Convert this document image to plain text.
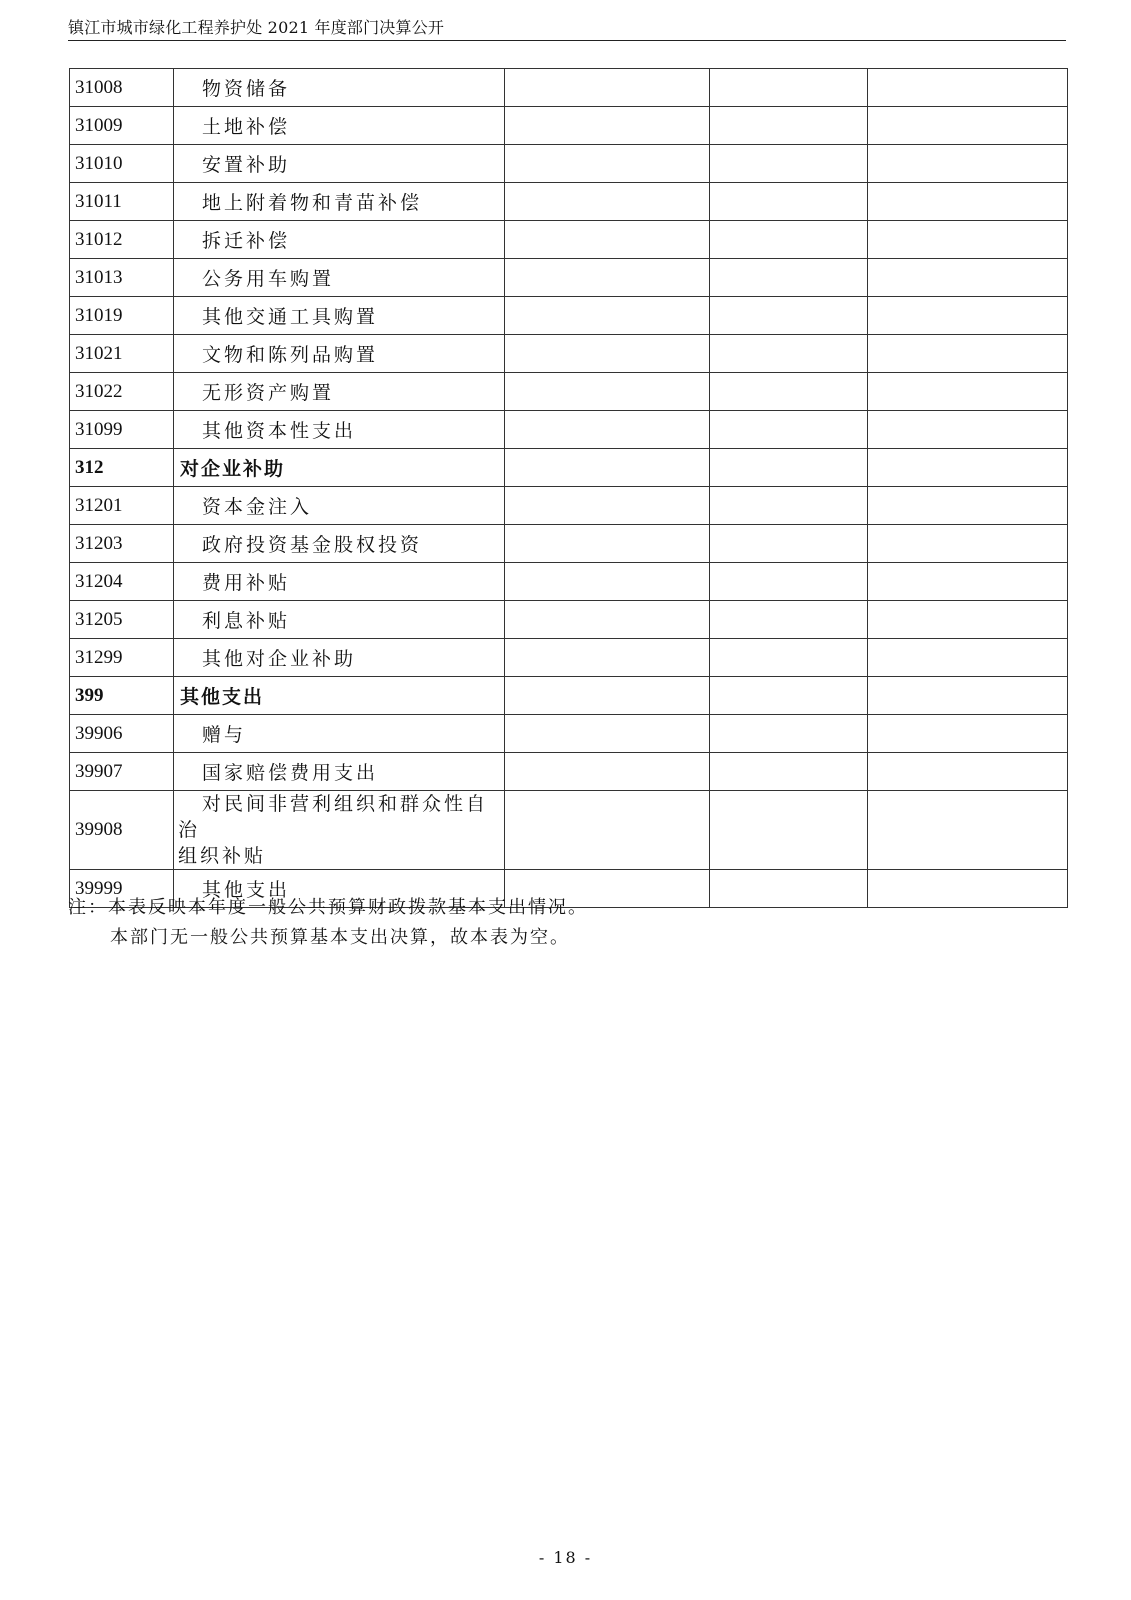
镇江市城市绿化工程养护处 2021 年度部门决算公开
31008	物资储备			

31009	土地补偿			

31010	安置补助			

31011	地上附着物和青苗补偿			

31012	拆迁补偿			

31013	公务用车购置			

31019	其他交通工具购置			

31021	文物和陈列品购置			

31022	无形资产购置			

31099	其他资本性支出			

312	对企业补助			
31201	资本金注入			

31203	政府投资基金股权投资			

31204	费用补贴			

31205	利息补贴			

31299	其他对企业补助			

399	其他支出			
39906	赠与			

39907	国家赔偿费用支出			

39908	对民间非营利组织和群众性自治
组织补贴			

39999	其他支出			

注：本表反映本年度一般公共预算财政拨款基本支出情况。
本部门无一般公共预算基本支出决算，故本表为空。
- 18 -
